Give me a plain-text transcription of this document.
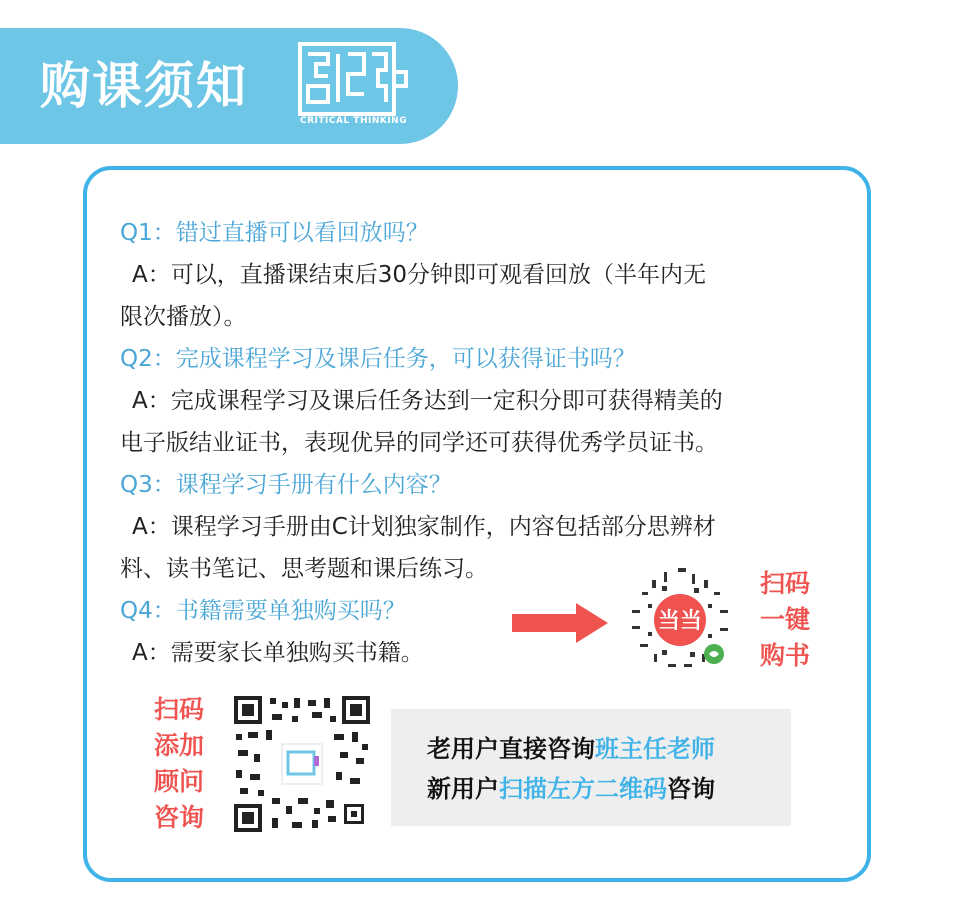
购课须知
CRITICAL THINKING

Q1：错过直播可以看回放吗？

A：可以，直播课结束后30分钟即可观看回放（半年内无

限次播放）。

Q2：完成课程学习及课后任务，可以获得证书吗？

A：完成课程学习及课后任务达到一定积分即可获得精美的

电子版结业证书，表现优异的同学还可获得优秀学员证书。

Q3：课程学习手册有什么内容？

A：课程学习手册由C计划独家制作，内容包括部分思辨材

料、读书笔记、思考题和课后练习。

Q4：书籍需要单独购买吗？

A：需要家长单独购买书籍。

当当
扫码
一键
购书
扫码
添加
顾问
咨询
老用户直接咨询班主任老师
新用户扫描左方二维码咨询
